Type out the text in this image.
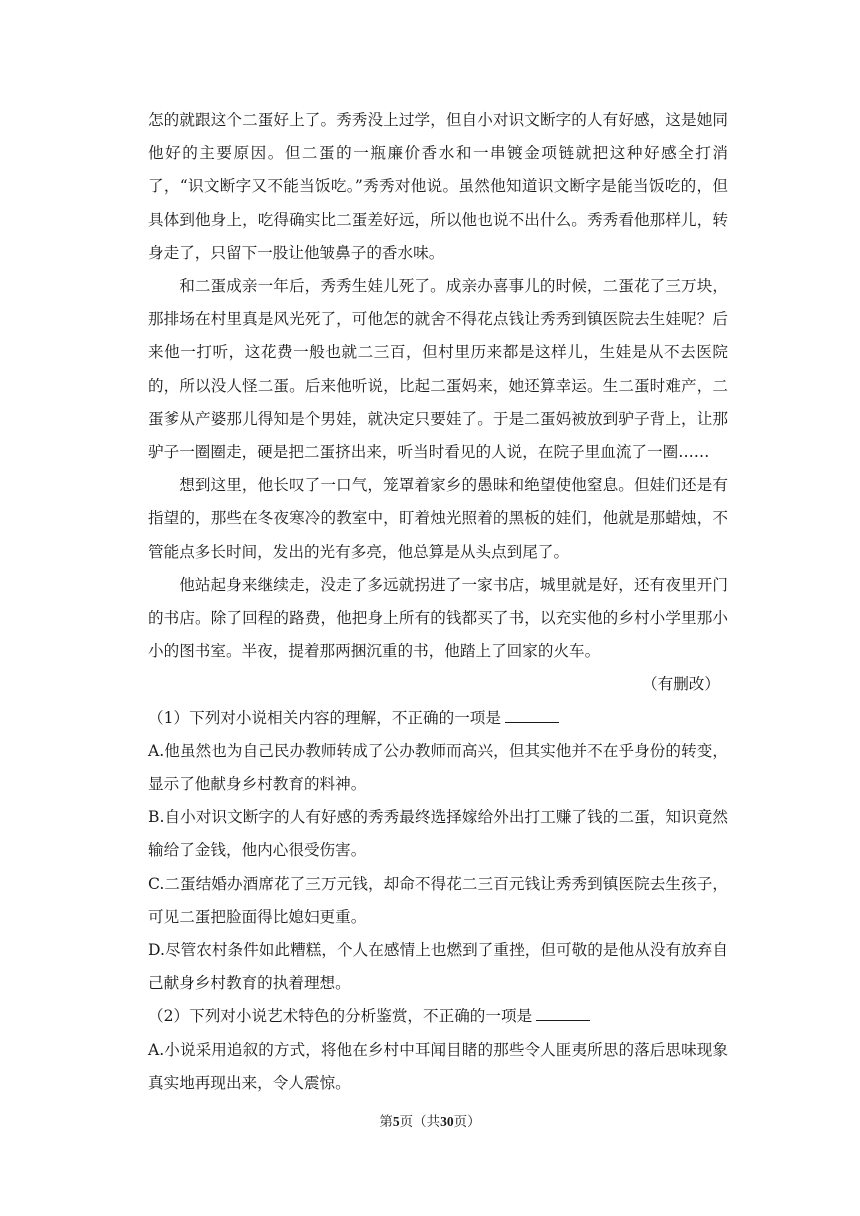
怎的就跟这个二蛋好上了。秀秀没上过学，但自小对识文断字的人有好感，这是她同他好的主要原因。但二蛋的一瓶廉价香水和一串镀金项链就把这种好感全打消了，“识文断字又不能当饭吃。”秀秀对他说。虽然他知道识文断字是能当饭吃的，但具体到他身上，吃得确实比二蛋差好远，所以他也说不出什么。秀秀看他那样儿，转身走了，只留下一股让他皱鼻子的香水味。

和二蛋成亲一年后，秀秀生娃儿死了。成亲办喜事儿的时候，二蛋花了三万块，那排场在村里真是风光死了，可他怎的就舍不得花点钱让秀秀到镇医院去生娃呢？后来他一打听，这花费一般也就二三百，但村里历来都是这样儿，生娃是从不去医院的，所以没人怪二蛋。后来他听说，比起二蛋妈来，她还算幸运。生二蛋时难产，二蛋爹从产婆那儿得知是个男娃，就决定只要娃了。于是二蛋妈被放到驴子背上，让那驴子一圈圈走，硬是把二蛋挤出来，听当时看见的人说，在院子里血流了一圈……

想到这里，他长叹了一口气，笼罩着家乡的愚昧和绝望使他窒息。但娃们还是有指望的，那些在冬夜寒冷的教室中，盯着烛光照着的黑板的娃们，他就是那蜡烛，不管能点多长时间，发出的光有多亮，他总算是从头点到尾了。

他站起身来继续走，没走了多远就拐进了一家书店，城里就是好，还有夜里开门的书店。除了回程的路费，他把身上所有的钱都买了书，以充实他的乡村小学里那小小的图书室。半夜，提着那两捆沉重的书，他踏上了回家的火车。

（有删改）

（1）下列对小说相关内容的理解，不正确的一项是

A.他虽然也为自己民办教师转成了公办教师而高兴，但其实他并不在乎身份的转变，显示了他献身乡村教育的料神。

B.自小对识文断字的人有好感的秀秀最终选择嫁给外出打工赚了钱的二蛋，知识竟然输给了金钱，他内心很受伤害。

C.二蛋结婚办酒席花了三万元钱，却命不得花二三百元钱让秀秀到镇医院去生孩子，可见二蛋把脸面得比媳妇更重。

D.尽管农村条件如此糟糕，个人在感情上也燃到了重挫，但可敬的是他从没有放弃自己献身乡村教育的执着理想。

（2）下列对小说艺术特色的分析鉴赏，不正确的一项是

A.小说采用追叙的方式，将他在乡村中耳闻目睹的那些令人匪夷所思的落后思味现象真实地再现出来，令人震惊。

第5页（共30页）
